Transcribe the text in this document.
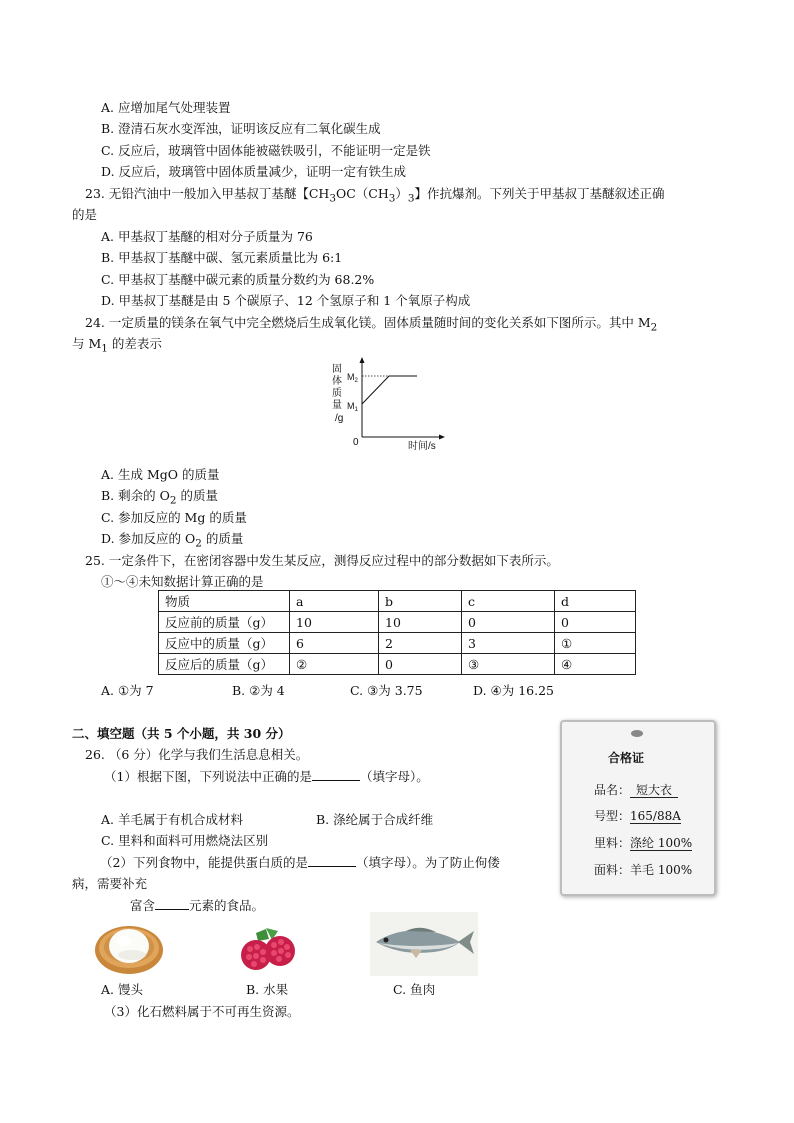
A. 应增加尾气处理装置
B. 澄清石灰水变浑浊，证明该反应有二氧化碳生成
C. 反应后，玻璃管中固体能被磁铁吸引，不能证明一定是铁
D. 反应后，玻璃管中固体质量减少，证明一定有铁生成
23. 无铅汽油中一般加入甲基叔丁基醚【$CH_3OC(CH_3)_3$】作抗爆剂。下列关于甲基叔丁基醚叙述正确
的是
A. 甲基叔丁基醚的相对分子质量为 76
B. 甲基叔丁基醚中碳、氢元素质量比为 6:1
C. 甲基叔丁基醚中碳元素的质量分数约为 68.2%
D. 甲基叔丁基醚是由 5 个碳原子、12 个氢原子和 1 个氧原子构成
24. 一定质量的镁条在氧气中完全燃烧后生成氧化镁。固体质量随时间的变化关系如下图所示。其中 $M_2$
与 $M_1$ 的差表示
固
体
质
量
/g
0	时间/s
$M_2$
$M_1$
A. 生成 MgO 的质量
B. 剩余的 $O_2$ 的质量
C. 参加反应的 Mg 的质量
D. 参加反应的 $O_2$ 的质量
25. 一定条件下，在密闭容器中发生某反应，测得反应过程中的部分数据如下表所示。
①～④未知数据计算正确的是
物质	a	b	c	d
反应前的质量（g）	10	10	0	0
反应中的质量（g）	6	2	3	①
反应后的质量（g）	②	0	③	④
A. ①为 7	B. ②为 4	C. ③为 3.75	D. ④为 16.25
二、填空题（共 5 个小题，共 30 分）
26. （6 分）化学与我们生活息息相关。
（1）根据下图，下列说法中正确的是	（填字母）。
A. 羊毛属于有机合成材料	B. 涤纶属于合成纤维
C. 里料和面料可用燃烧法区别
（2）下列食物中，能提供蛋白质的是	（填字母）。为了防止佝偻
病，需要补充
富含	元素的食品。
A. 馒头	B. 水果	C. 鱼肉
（3）化石燃料属于不可再生资源。
合格证
品名： 短大衣
号型：165/88A
里料：涤纶 100%
面料：羊毛 100%
